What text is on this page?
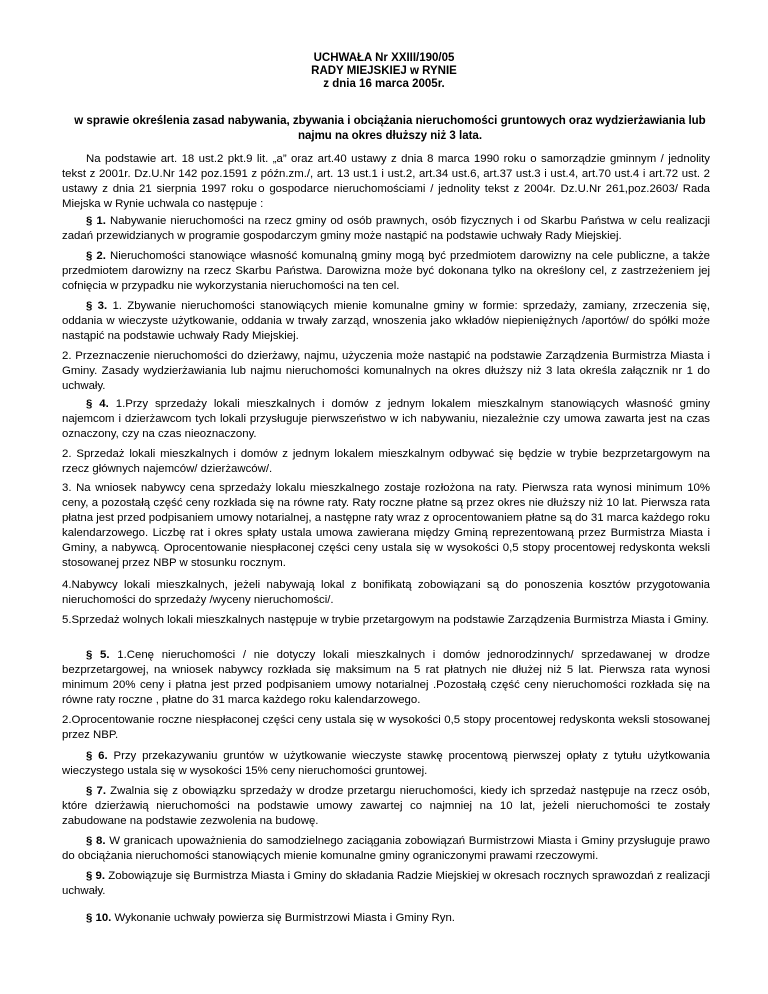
UCHWAŁA Nr XXIII/190/05
RADY MIEJSKIEJ w RYNIE
z dnia 16 marca 2005r.
w sprawie określenia zasad nabywania, zbywania i obciążania nieruchomości gruntowych oraz wydzierżawiania lub najmu na okres dłuższy niż 3 lata.
Na podstawie art. 18 ust.2 pkt.9 lit. „a” oraz art.40 ustawy z dnia 8 marca 1990 roku o samorządzie gminnym / jednolity tekst z 2001r. Dz.U.Nr 142 poz.1591 z późn.zm./, art. 13 ust.1 i ust.2, art.34 ust.6, art.37 ust.3 i ust.4, art.70 ust.4 i art.72 ust. 2 ustawy z dnia 21 sierpnia 1997 roku o gospodarce nieruchomościami / jednolity tekst z 2004r. Dz.U.Nr 261,poz.2603/ Rada Miejska w Rynie uchwala co następuje :
§ 1. Nabywanie nieruchomości na rzecz gminy od osób prawnych, osób fizycznych i od Skarbu Państwa w celu realizacji zadań przewidzianych w programie gospodarczym gminy może nastąpić na podstawie uchwały Rady Miejskiej.
§ 2. Nieruchomości stanowiące własność komunalną gminy mogą być przedmiotem darowizny na cele publiczne, a także przedmiotem darowizny na rzecz Skarbu Państwa. Darowizna może być dokonana tylko na określony cel, z zastrzeżeniem jej cofnięcia w przypadku nie wykorzystania nieruchomości na ten cel.
§ 3. 1. Zbywanie nieruchomości stanowiących mienie komunalne gminy w formie: sprzedaży, zamiany, zrzeczenia się, oddania w wieczyste użytkowanie, oddania w trwały zarząd, wnoszenia jako wkładów niepieniężnych /aportów/ do spółki może nastąpić na podstawie uchwały Rady Miejskiej.
2. Przeznaczenie nieruchomości do dzierżawy, najmu, użyczenia może nastąpić na podstawie Zarządzenia Burmistrza Miasta i Gminy. Zasady wydzierżawiania lub najmu nieruchomości komunalnych na okres dłuższy niż 3 lata określa załącznik nr 1 do uchwały.
§ 4. 1.Przy sprzedaży lokali mieszkalnych i domów z jednym lokalem mieszkalnym stanowiących własność gminy najemcom i dzierżawcom tych lokali przysługuje pierwszeństwo w ich nabywaniu, niezależnie czy umowa zawarta jest na czas oznaczony, czy na czas nieoznaczony.
2. Sprzedaż lokali mieszkalnych i domów z jednym lokalem mieszkalnym odbywać się będzie w trybie bezprzetargowym na rzecz głównych najemców/ dzierżawców/.
3. Na wniosek nabywcy cena sprzedaży lokalu mieszkalnego zostaje rozłożona na raty. Pierwsza rata wynosi minimum 10% ceny, a pozostałą część ceny rozkłada się na równe raty. Raty roczne płatne są przez okres nie dłuższy niż 10 lat. Pierwsza rata płatna jest przed podpisaniem umowy notarialnej, a następne raty wraz z oprocentowaniem płatne są do 31 marca każdego roku kalendarzowego. Liczbę rat i okres spłaty ustala umowa zawierana między Gminą reprezentowaną przez Burmistrza Miasta i Gminy, a nabywcą. Oprocentowanie niespłaconej części ceny ustala się w wysokości 0,5 stopy procentowej redyskonta weksli stosowanej przez NBP w stosunku rocznym.
4.Nabywcy lokali mieszkalnych, jeżeli nabywają lokal z bonifikatą zobowiązani są do ponoszenia kosztów przygotowania nieruchomości do sprzedaży /wyceny nieruchomości/.
5.Sprzedaż wolnych lokali mieszkalnych następuje w trybie przetargowym na podstawie Zarządzenia Burmistrza Miasta i Gminy.
§ 5. 1.Cenę nieruchomości / nie dotyczy lokali mieszkalnych i domów jednorodzinnych/ sprzedawanej w drodze bezprzetargowej, na wniosek nabywcy rozkłada się maksimum na 5 rat płatnych nie dłużej niż 5 lat. Pierwsza rata wynosi minimum 20% ceny i płatna jest przed podpisaniem umowy notarialnej .Pozostałą część ceny nieruchomości rozkłada się na równe raty roczne , płatne do 31 marca każdego roku kalendarzowego.
2.Oprocentowanie roczne niespłaconej części ceny ustala się w wysokości 0,5 stopy procentowej redyskonta weksli stosowanej przez NBP.
§ 6. Przy przekazywaniu gruntów w użytkowanie wieczyste stawkę procentową pierwszej opłaty z tytułu użytkowania wieczystego ustala się w wysokości 15% ceny nieruchomości gruntowej.
§ 7. Zwalnia się z obowiązku sprzedaży w drodze przetargu nieruchomości, kiedy ich sprzedaż następuje na rzecz osób, które dzierżawią nieruchomości na podstawie umowy zawartej co najmniej na 10 lat, jeżeli nieruchomości te zostały zabudowane na podstawie zezwolenia na budowę.
§ 8. W granicach upoważnienia do samodzielnego zaciągania zobowiązań Burmistrzowi Miasta i Gminy przysługuje prawo do obciążania nieruchomości stanowiących mienie komunalne gminy ograniczonymi prawami rzeczowymi.
§ 9. Zobowiązuje się Burmistrza Miasta i Gminy do składania Radzie Miejskiej w okresach rocznych sprawozdań z realizacji uchwały.
§ 10. Wykonanie uchwały powierza się Burmistrzowi Miasta i Gminy Ryn.
